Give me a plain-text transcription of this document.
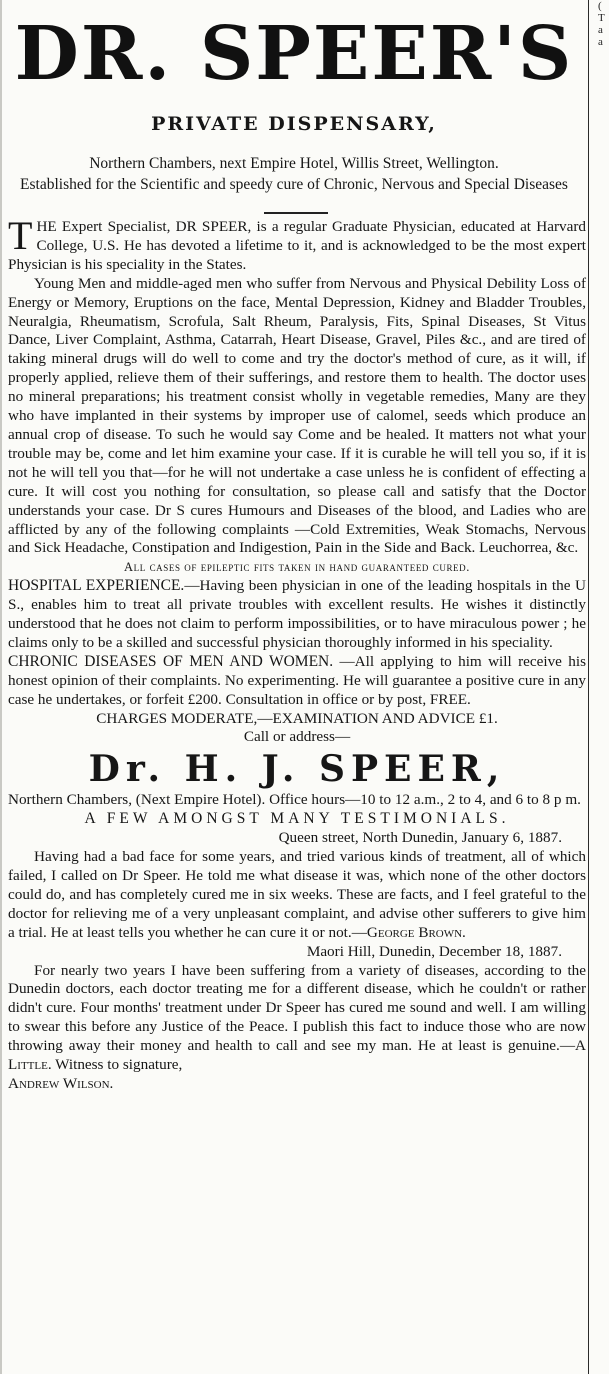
(
T
a
a
DR. SPEER'S
PRIVATE DISPENSARY,
Northern Chambers, next Empire Hotel, Willis Street, Wellington.
Established for the Scientific and speedy cure of Chronic, Nervous and Special Diseases

THE Expert Specialist, DR SPEER, is a regular Graduate Physician, educated at Harvard College, U.S. He has devoted a lifetime to it, and is acknowledged to be the most expert Physician is his speciality in the States.

Young Men and middle-aged men who suffer from Nervous and Physical Debility Loss of Energy or Memory, Eruptions on the face, Mental Depression, Kidney and Bladder Troubles, Neuralgia, Rheumatism, Scrofula, Salt Rheum, Paralysis, Fits, Spinal Diseases, St Vitus Dance, Liver Complaint, Asthma, Catarrah, Heart Disease, Gravel, Piles &c., and are tired of taking mineral drugs will do well to come and try the doctor's method of cure, as it will, if properly applied, relieve them of their sufferings, and restore them to health. The doctor uses no mineral preparations; his treatment consist wholly in vegetable remedies, Many are they who have implanted in their systems by improper use of calomel, seeds which produce an annual crop of disease. To such he would say Come and be healed. It matters not what your trouble may be, come and let him examine your case. If it is curable he will tell you so, if it is not he will tell you that—for he will not undertake a case unless he is confident of effecting a cure. It will cost you nothing for consultation, so please call and satisfy that the Doctor understands your case. Dr S cures Humours and Diseases of the blood, and Ladies who are afflicted by any of the following complaints —Cold Extremities, Weak Stomachs, Nervous and Sick Headache, Constipation and Indigestion, Pain in the Side and Back. Leuchorrea, &c.

All cases of epileptic fits taken in hand guaranteed cured.

HOSPITAL EXPERIENCE.—Having been physician in one of the leading hospitals in the U S., enables him to treat all private troubles with excellent results. He wishes it distinctly understood that he does not claim to perform impossibilities, or to have miraculous power ; he claims only to be a skilled and successful physician thoroughly informed in his speciality.

CHRONIC DISEASES OF MEN AND WOMEN. —All applying to him will receive his honest opinion of their complaints. No experimenting. He will guarantee a positive cure in any case he undertakes, or forfeit £200. Consultation in office or by post, FREE.

CHARGES MODERATE,—EXAMINATION AND ADVICE £1.

Call or address—

Dr. H. J. SPEER,

Northern Chambers, (Next Empire Hotel). Office hours—10 to 12 a.m., 2 to 4, and 6 to 8 p m.

A FEW AMONGST MANY TESTIMONIALS.

Queen street, North Dunedin, January 6, 1887.

Having had a bad face for some years, and tried various kinds of treatment, all of which failed, I called on Dr Speer. He told me what disease it was, which none of the other doctors could do, and has completely cured me in six weeks. These are facts, and I feel grateful to the doctor for relieving me of a very unpleasant complaint, and advise other sufferers to give him a trial. He at least tells you whether he can cure it or not.—George Brown.

Maori Hill, Dunedin, December 18, 1887.

For nearly two years I have been suffering from a variety of diseases, according to the Dunedin doctors, each doctor treating me for a different disease, which he couldn't or rather didn't cure. Four months' treatment under Dr Speer has cured me sound and well. I am willing to swear this before any Justice of the Peace. I publish this fact to induce those who are now throwing away their money and health to call and see my man. He at least is genuine.—A Little. Witness to signature,
Andrew Wilson.
